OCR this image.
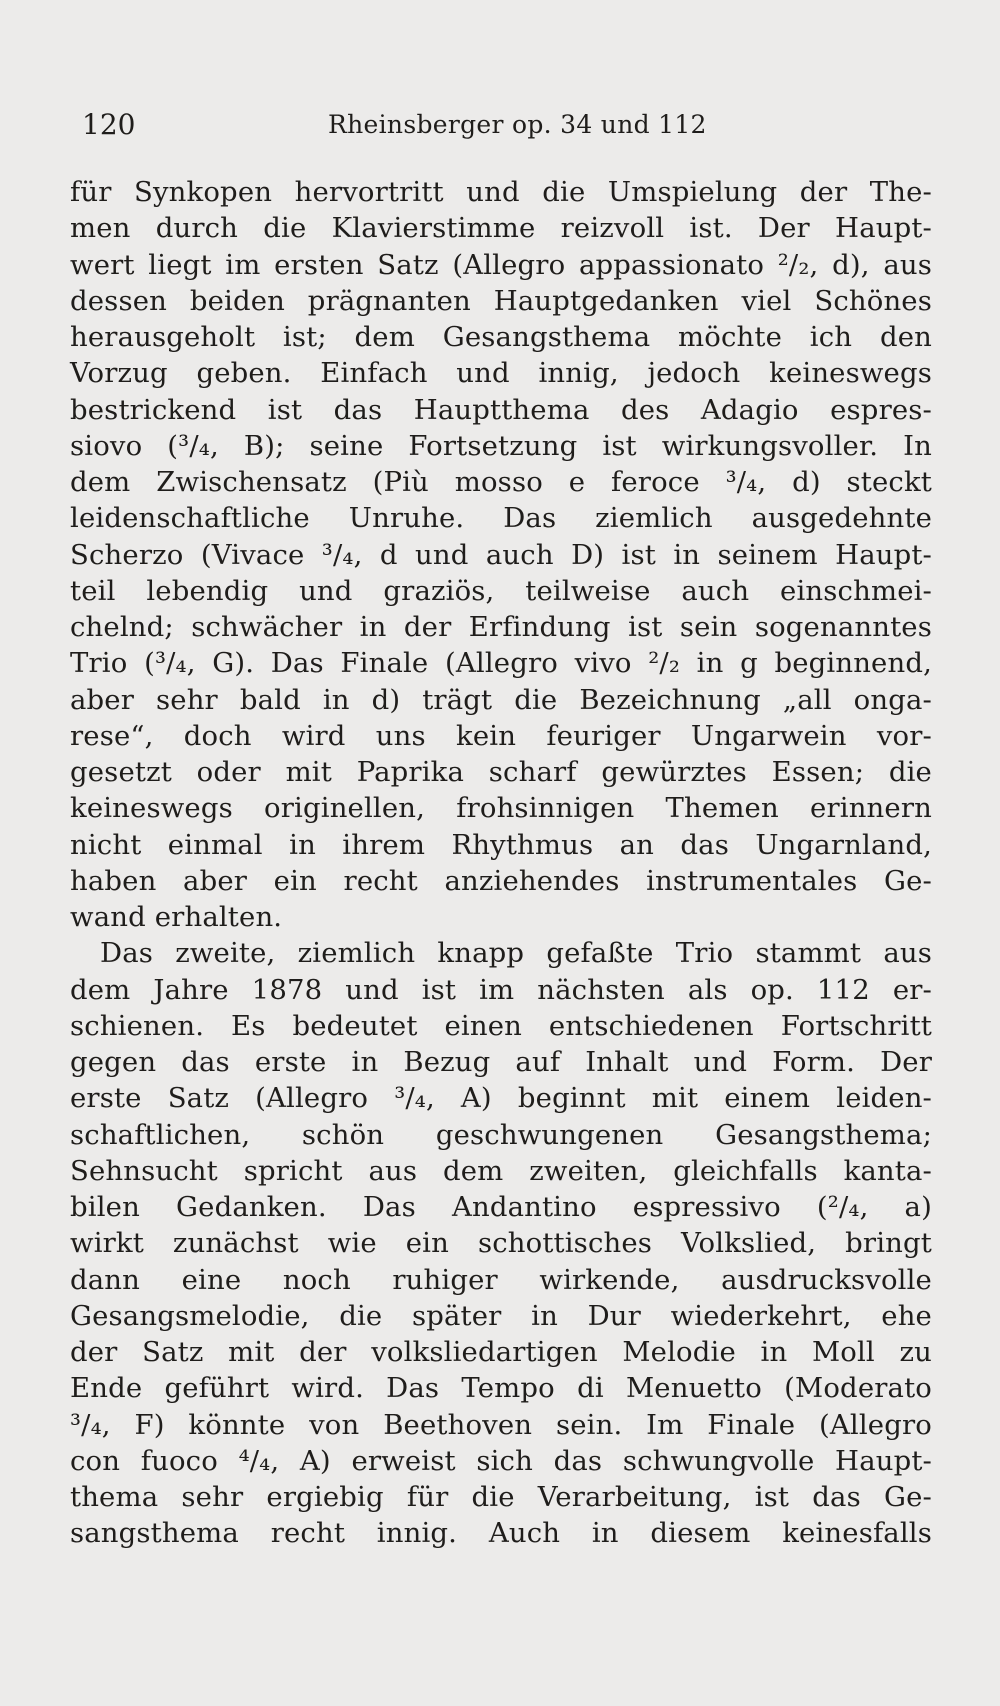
120	Rheinsberger op. 34 und 112
für Synkopen hervortritt und die Umspielung der The-
men durch die Klavierstimme reizvoll ist. Der Haupt-
wert liegt im ersten Satz (Allegro appassionato ²/₂, d), aus
dessen beiden prägnanten Hauptgedanken viel Schönes
herausgeholt ist; dem Gesangsthema möchte ich den
Vorzug geben. Einfach und innig, jedoch keineswegs
bestrickend ist das Hauptthema des Adagio espres-
siovo (³/₄, B); seine Fortsetzung ist wirkungsvoller. In
dem Zwischensatz (Più mosso e feroce ³/₄, d) steckt
leidenschaftliche Unruhe. Das ziemlich ausgedehnte
Scherzo (Vivace ³/₄, d und auch D) ist in seinem Haupt-
teil lebendig und graziös, teilweise auch einschmei-
chelnd; schwächer in der Erfindung ist sein sogenanntes
Trio (³/₄, G). Das Finale (Allegro vivo ²/₂ in g beginnend,
aber sehr bald in d) trägt die Bezeichnung „all onga-
rese“, doch wird uns kein feuriger Ungarwein vor-
gesetzt oder mit Paprika scharf gewürztes Essen; die
keineswegs originellen, frohsinnigen Themen erinnern
nicht einmal in ihrem Rhythmus an das Ungarnland,
haben aber ein recht anziehendes instrumentales Ge-
wand erhalten.
Das zweite, ziemlich knapp gefaßte Trio stammt aus
dem Jahre 1878 und ist im nächsten als op. 112 er-
schienen. Es bedeutet einen entschiedenen Fortschritt
gegen das erste in Bezug auf Inhalt und Form. Der
erste Satz (Allegro ³/₄, A) beginnt mit einem leiden-
schaftlichen, schön geschwungenen Gesangsthema;
Sehnsucht spricht aus dem zweiten, gleichfalls kanta-
bilen Gedanken. Das Andantino espressivo (²/₄, a)
wirkt zunächst wie ein schottisches Volkslied, bringt
dann eine noch ruhiger wirkende, ausdrucksvolle
Gesangsmelodie, die später in Dur wiederkehrt, ehe
der Satz mit der volksliedartigen Melodie in Moll zu
Ende geführt wird. Das Tempo di Menuetto (Moderato
³/₄, F) könnte von Beethoven sein. Im Finale (Allegro
con fuoco ⁴/₄, A) erweist sich das schwungvolle Haupt-
thema sehr ergiebig für die Verarbeitung, ist das Ge-
sangsthema recht innig. Auch in diesem keinesfalls
